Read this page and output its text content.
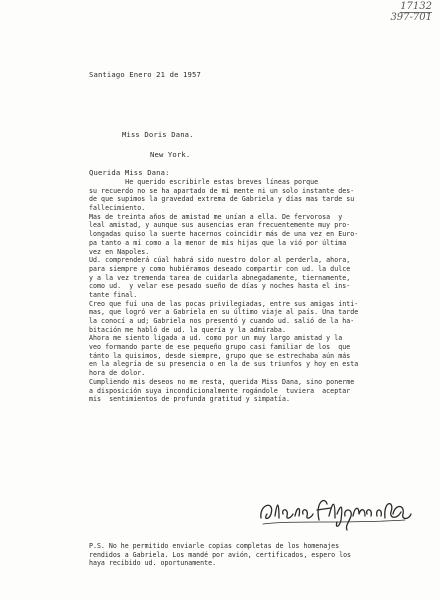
17132
397-701
Santiago Enero 21 de 1957
Miss Doris Dana.
New York.
Querida Miss Dana:
He querido escribirle estas breves líneas porque
su recuerdo no se ha apartado de mi mente ni un solo instante des-
de que supimos la gravedad extrema de Gabriela y días mas tarde su
fallecimiento.
Mas de treinta años de amistad me unían a ella. De fervorosa  y
leal amistad, y aunque sus ausencias eran frecuentemente muy pro-
longadas quiso la suerte hacernos coincidir más de una vez en Euro-
pa tanto a mí como a la menor de mis hijas que la vió por última
vez en Napoles.
Ud. comprenderá cúal habrá sido nuestro dolor al perderla, ahora,
para siempre y como hubiéramos deseado compartir con ud. la dulce
y a la vez tremenda tarea de cuidarla abnegadamente, tiernamente,
como ud.  y velar ese pesado sueño de días y noches hasta el ins-
tante final.
Creo que fuí una de las pocas privilegiadas, entre sus amigas ínti-
mas, que logró ver a Gabriela en su último viaje al país. Una tarde
la conocí a ud; Gabriela nos presentó y cuando ud. salió de la ha-
bitación me habló de ud. la quería y la admiraba.
Ahora me siento ligada a ud. como por un muy largo amistad y la
veo formando parte de ese pequeño grupo casi familiar de los  que
tánto la quisimos, desde siempre, grupo que se estrechaba aún más
en la alegría de su presencia o en la de sus triunfos y hoy en esta
hora de dolor.
Cumpliendo mis deseos no me resta, querida Miss Dana, sino ponerme
a disposición suya incondicionalmente rogándole  tuviera  aceptar
mis  sentimientos de profunda gratitud y simpatía.
P.S. No he permitido enviarle copias completas de los homenajes
rendidos a Gabriela. Los mandé por avión, certificados, espero los
haya recibido ud. oportunamente.
